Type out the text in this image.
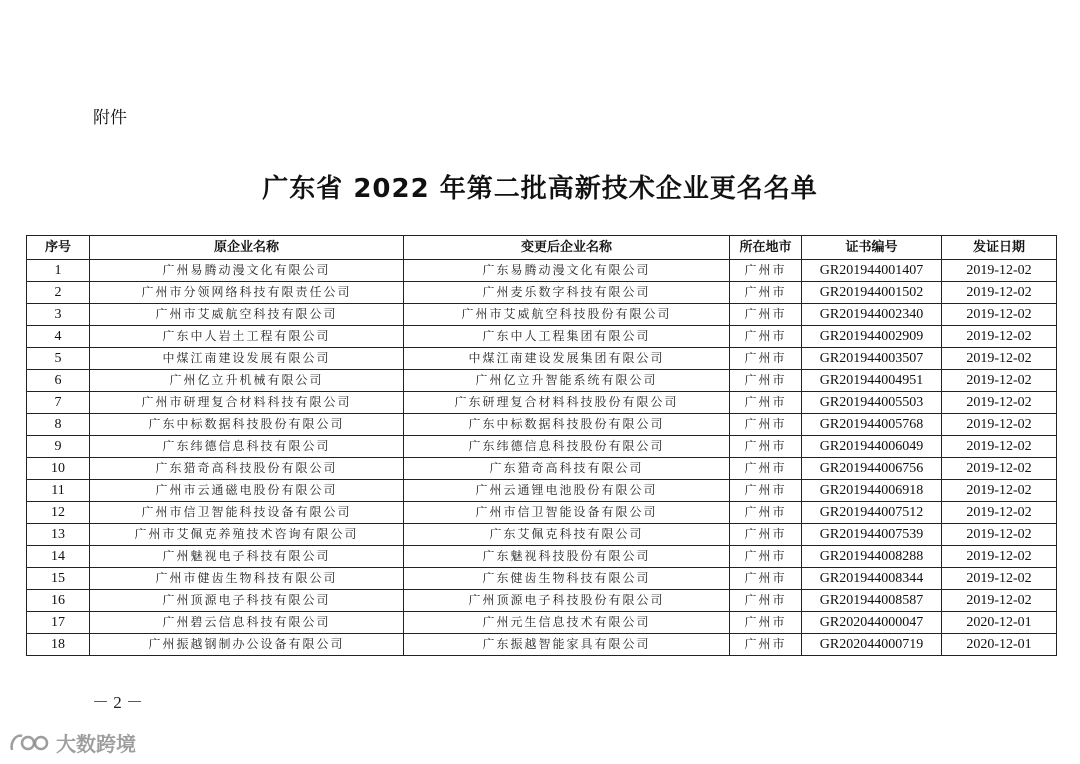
附件
广东省 2022 年第二批高新技术企业更名名单
序号	原企业名称	变更后企业名称	所在地市	证书编号	发证日期
1	广州易腾动漫文化有限公司	广东易腾动漫文化有限公司	广州市	GR201944001407	2019-12-02
2	广州市分领网络科技有限责任公司	广州麦乐数字科技有限公司	广州市	GR201944001502	2019-12-02
3	广州市艾威航空科技有限公司	广州市艾威航空科技股份有限公司	广州市	GR201944002340	2019-12-02
4	广东中人岩土工程有限公司	广东中人工程集团有限公司	广州市	GR201944002909	2019-12-02
5	中煤江南建设发展有限公司	中煤江南建设发展集团有限公司	广州市	GR201944003507	2019-12-02
6	广州亿立升机械有限公司	广州亿立升智能系统有限公司	广州市	GR201944004951	2019-12-02
7	广州市研理复合材料科技有限公司	广东研理复合材料科技股份有限公司	广州市	GR201944005503	2019-12-02
8	广东中标数据科技股份有限公司	广东中标数据科技股份有限公司	广州市	GR201944005768	2019-12-02
9	广东纬德信息科技有限公司	广东纬德信息科技股份有限公司	广州市	GR201944006049	2019-12-02
10	广东猎奇高科技股份有限公司	广东猎奇高科技有限公司	广州市	GR201944006756	2019-12-02
11	广州市云通磁电股份有限公司	广州云通锂电池股份有限公司	广州市	GR201944006918	2019-12-02
12	广州市信卫智能科技设备有限公司	广州市信卫智能设备有限公司	广州市	GR201944007512	2019-12-02
13	广州市艾佩克养殖技术咨询有限公司	广东艾佩克科技有限公司	广州市	GR201944007539	2019-12-02
14	广州魅视电子科技有限公司	广东魅视科技股份有限公司	广州市	GR201944008288	2019-12-02
15	广州市健齿生物科技有限公司	广东健齿生物科技有限公司	广州市	GR201944008344	2019-12-02
16	广州顶源电子科技有限公司	广州顶源电子科技股份有限公司	广州市	GR201944008587	2019-12-02
17	广州碧云信息科技有限公司	广州元生信息技术有限公司	广州市	GR202044000047	2020-12-01
18	广州振越钢制办公设备有限公司	广东振越智能家具有限公司	广州市	GR202044000719	2020-12-01
－ 2 －
大数跨境
